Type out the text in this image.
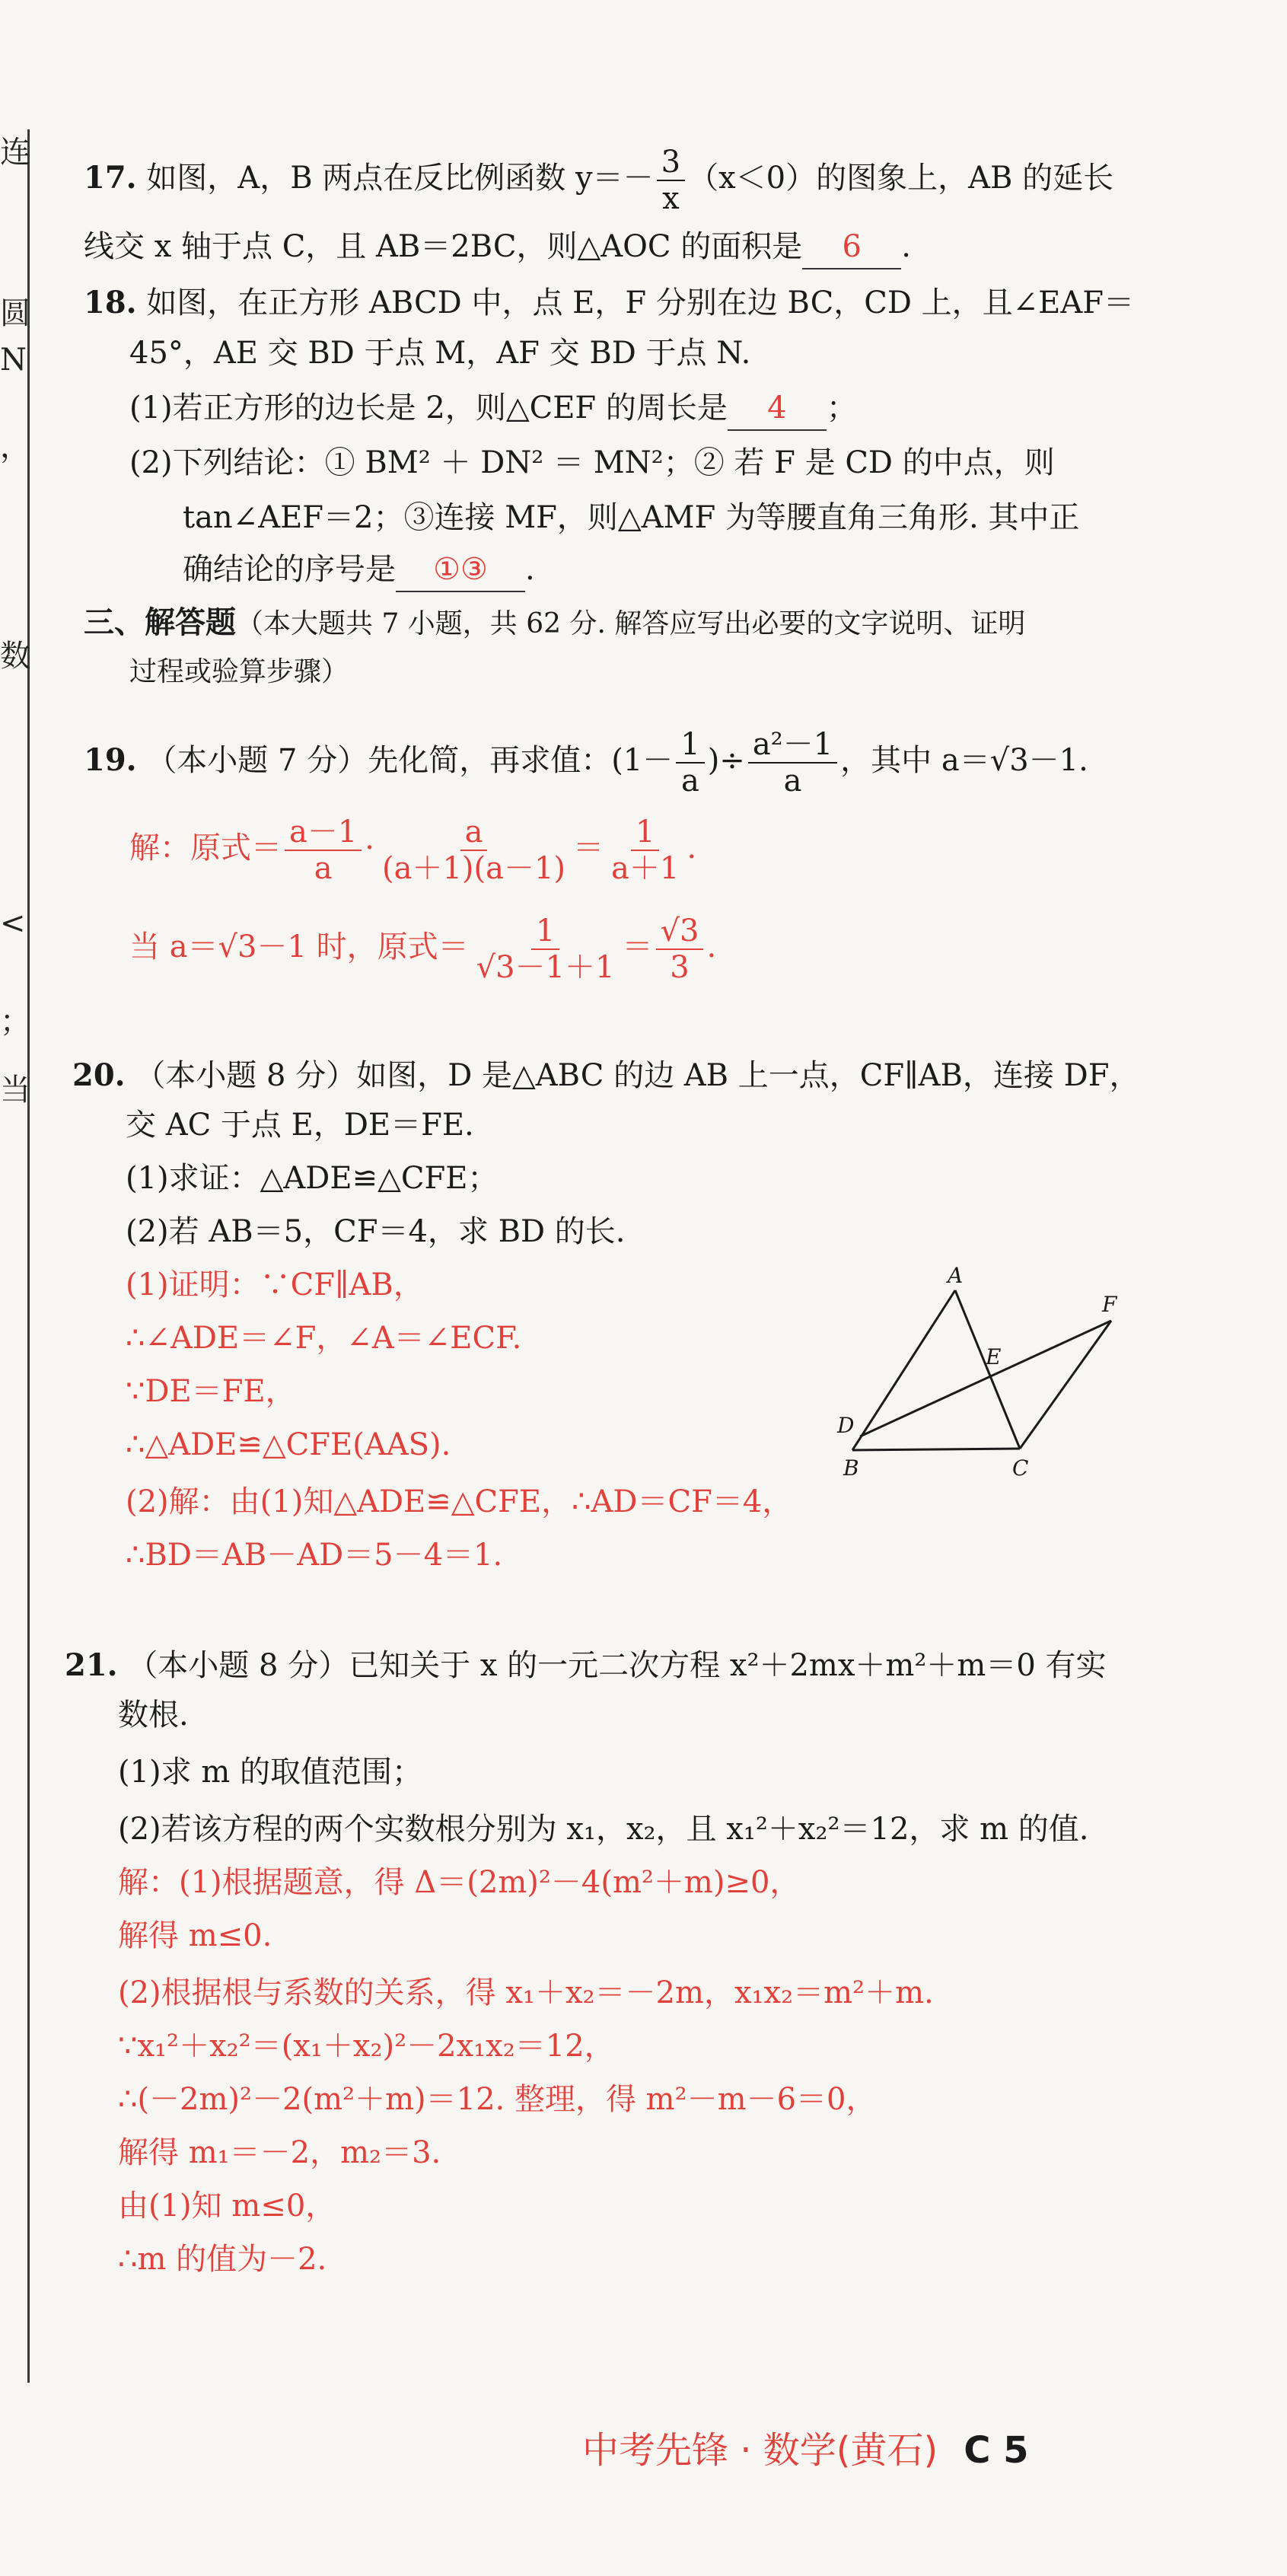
连
圆
N
，
数
<
；
当
17. 如图，A，B 两点在反比例函数 $y=- \frac{3}{x} (x<0)$的图象上，AB 的延长
线交 x 轴于点 C，且 AB＝2BC，则△AOC 的面积是 6 .
18. 如图，在正方形 ABCD 中，点 E，F 分别在边 BC，CD 上，且∠EAF＝
45°，AE 交 BD 于点 M，AF 交 BD 于点 N.
(1)若正方形的边长是 2，则△CEF 的周长是 4 ；
(2)下列结论：① BM² ＋ DN² ＝ MN²；② 若 F 是 CD 的中点，则
tan∠AEF＝2；③连接 MF，则△AMF 为等腰直角三角形. 其中正
确结论的序号是 ①③ .
三、解答题（本大题共 7 小题，共 62 分. 解答应写出必要的文字说明、证明
过程或验算步骤）
19. （本小题 7 分）先化简，再求值：($1- \frac{1}{a}$ )÷ $\frac{\text{a²－1}}{a}$ ，其中 a＝√3－1.
解：原式＝ $\frac{a-1}{a} \cdot \frac{a}{(a+1)(a-1)} = \frac{1}{a+1}$ .
当 a＝√3－1 时，原式＝ $\frac{1}{√3-1+1} = \frac{√3}{3}$ .
20. （本小题 8 分）如图，D 是△ABC 的边 AB 上一点，CF∥AB，连接 DF，
交 AC 于点 E，DE＝FE.
(1)求证：△ADE≌△CFE；
(2)若 AB＝5，CF＝4，求 BD 的长.
(1)证明：∵CF∥AB，
∴∠ADE＝∠F，∠A＝∠ECF.
∵DE＝FE，
∴△ADE≌△CFE(AAS).
(2)解：由(1)知△ADE≌△CFE，∴AD＝CF＝4，
∴BD＝AB－AD＝5－4＝1.
A
B	C
D
E
F
21. （本小题 8 分）已知关于 x 的一元二次方程 x²＋2mx＋m²＋m＝0 有实
数根.
(1)求 m 的取值范围；
(2)若该方程的两个实数根分别为 x₁，x₂，且 x₁²＋x₂²＝12，求 m 的值.
解：(1)根据题意，得 Δ＝(2m)²－4(m²＋m)≥0，
解得 m≤0.
(2)根据根与系数的关系，得 x₁＋x₂＝－2m，x₁x₂＝m²＋m.
∵x₁²＋x₂²＝(x₁＋x₂)²－2x₁x₂＝12，
∴(－2m)²－2(m²＋m)＝12. 整理，得 m²－m－6＝0，
解得 m₁＝－2，m₂＝3.
由(1)知 m≤0，
∴m 的值为－2.
中考先锋 · 数学(黄石) C 5
